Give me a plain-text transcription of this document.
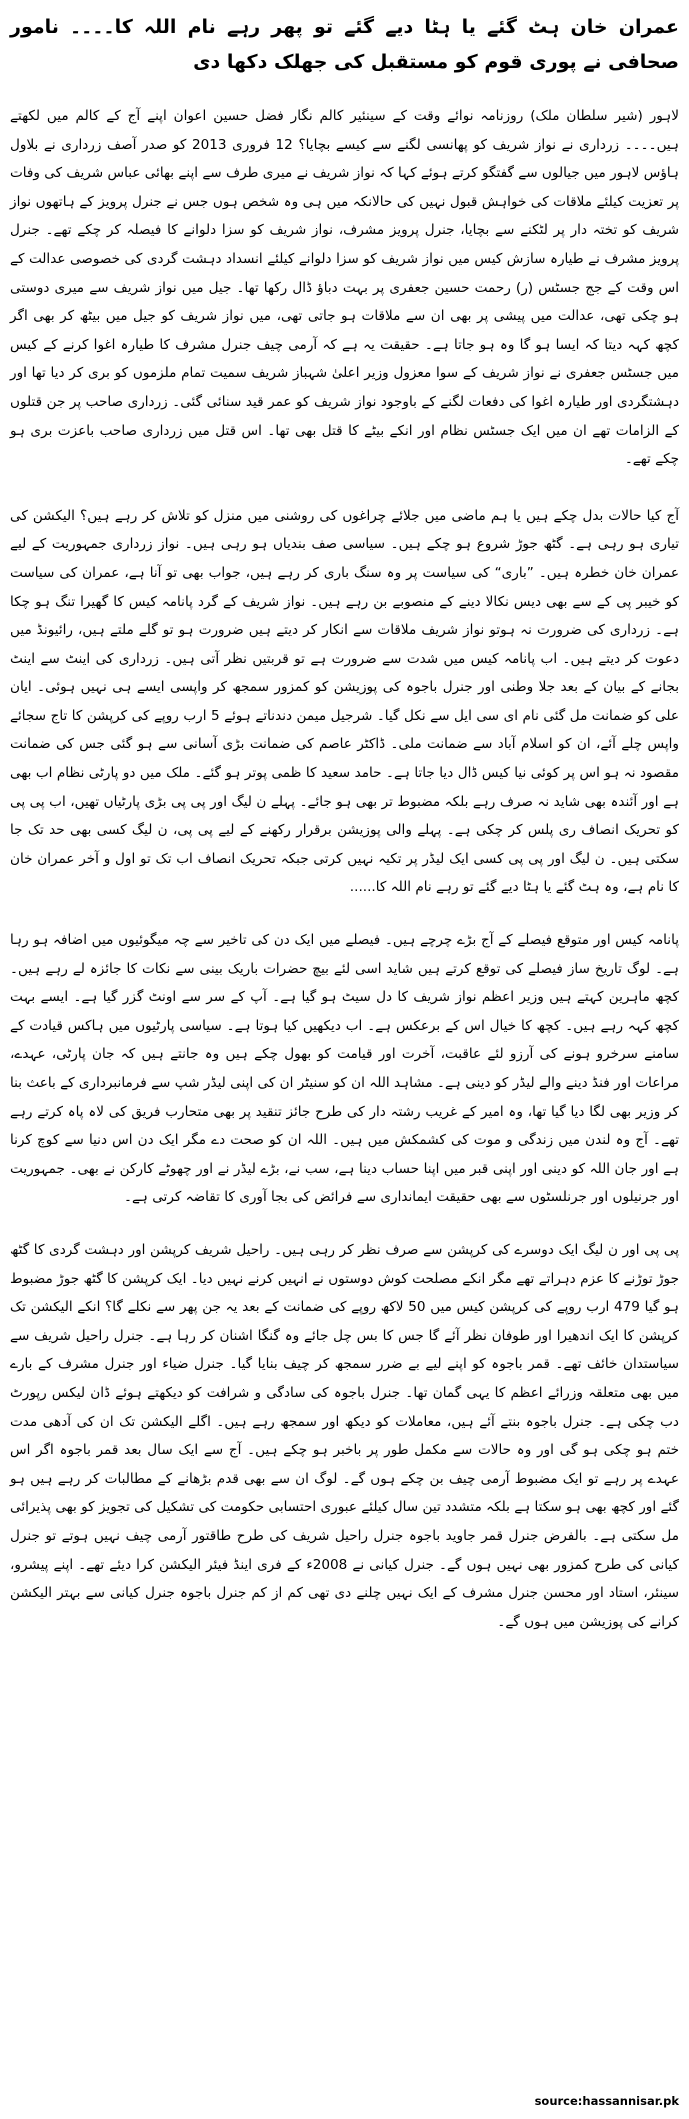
عمران خان ہٹ گئے یا ہٹا دیے گئے تو پھر رہے نام اللہ کا۔۔۔۔ نامور صحافی نے پوری قوم کو مستقبل کی جھلک دکھا دی

لاہور (شیر سلطان ملک) روزنامہ نوائے وقت کے سینئیر کالم نگار فضل حسین اعوان اپنے آج کے کالم میں لکھتے ہیں۔۔۔۔ زرداری نے نواز شریف کو پھانسی لگنے سے کیسے بچایا؟ 12 فروری 2013 کو صدر آصف زرداری نے بلاول ہاؤس لاہور میں جیالوں سے گفتگو کرتے ہوئے کہا کہ نواز شریف نے میری طرف سے اپنے بھائی عباس شریف کی وفات پر تعزیت کیلئے ملاقات کی خواہش قبول نہیں کی حالانکہ میں ہی وہ شخص ہوں جس نے جنرل پرویز کے ہاتھوں نواز شریف کو تختہ دار پر لٹکنے سے بچایا، جنرل پرویز مشرف، نواز شریف کو سزا دلوانے کا فیصلہ کر چکے تھے۔ جنرل پرویز مشرف نے طیارہ سازش کیس میں نواز شریف کو سزا دلوانے کیلئے انسداد دہشت گردی کی خصوصی عدالت کے اس وقت کے جج جسٹس (ر) رحمت حسین جعفری پر بہت دباؤ ڈال رکھا تھا۔ جیل میں نواز شریف سے میری دوستی ہو چکی تھی، عدالت میں پیشی پر بھی ان سے ملاقات ہو جاتی تھی، میں نواز شریف کو جیل میں بیٹھ کر بھی اگر کچھ کہہ دیتا کہ ایسا ہو گا وہ ہو جاتا ہے۔ حقیقت یہ ہے کہ آرمی چیف جنرل مشرف کا طیارہ اغوا کرنے کے کیس میں جسٹس جعفری نے نواز شریف کے سوا معزول وزیر اعلیٰ شہباز شریف سمیت تمام ملزموں کو بری کر دیا تھا اور دہشتگردی اور طیارہ اغوا کی دفعات لگنے کے باوجود نواز شریف کو عمر قید سنائی گئی۔ زرداری صاحب پر جن قتلوں کے الزامات تھے ان میں ایک جسٹس نظام اور انکے بیٹے کا قتل بھی تھا۔ اس قتل میں زرداری صاحب باعزت بری ہو چکے تھے۔

آج کیا حالات بدل چکے ہیں یا ہم ماضی میں جلائے چراغوں کی روشنی میں منزل کو تلاش کر رہے ہیں؟ الیکشن کی تیاری ہو رہی ہے۔ گٹھ جوڑ شروع ہو چکے ہیں۔ سیاسی صف بندیاں ہو رہی ہیں۔ نواز زرداری جمہوریت کے لیے عمران خان خطرہ ہیں۔ ”باری“ کی سیاست پر وہ سنگ باری کر رہے ہیں، جواب بھی تو آنا ہے، عمران کی سیاست کو خیبر پی کے سے بھی دیس نکالا دینے کے منصوبے بن رہے ہیں۔ نواز شریف کے گرد پانامہ کیس کا گھیرا تنگ ہو چکا ہے۔ زرداری کی ضرورت نہ ہوتو نواز شریف ملاقات سے انکار کر دیتے ہیں ضرورت ہو تو گلے ملتے ہیں، رائیونڈ میں دعوت کر دیتے ہیں۔ اب پانامہ کیس میں شدت سے ضرورت ہے تو قربتیں نظر آتی ہیں۔ زرداری کی اینٹ سے اینٹ بجانے کے بیان کے بعد جلا وطنی اور جنرل باجوہ کی پوزیشن کو کمزور سمجھ کر واپسی ایسے ہی نہیں ہوئی۔ ایان علی کو ضمانت مل گئی نام ای سی ایل سے نکل گیا۔ شرجیل میمن دندناتے ہوئے 5 ارب روپے کی کرپشن کا تاج سجائے واپس چلے آئے، ان کو اسلام آباد سے ضمانت ملی۔ ڈاکٹر عاصم کی ضمانت بڑی آسانی سے ہو گئی جس کی ضمانت مقصود نہ ہو اس پر کوئی نیا کیس ڈال دیا جاتا ہے۔ حامد سعید کا ظمی پوتر ہو گئے۔ ملک میں دو پارٹی نظام اب بھی ہے اور آئندہ بھی شاید نہ صرف رہے بلکہ مضبوط تر بھی ہو جائے۔ پہلے ن لیگ اور پی پی بڑی پارٹیاں تھیں، اب پی پی کو تحریک انصاف ری پلس کر چکی ہے۔ پہلے والی پوزیشن برقرار رکھنے کے لیے پی پی، ن لیگ کسی بھی حد تک جا سکتی ہیں۔ ن لیگ اور پی پی کسی ایک لیڈر پر تکیہ نہیں کرتی جبکہ تحریک انصاف اب تک تو اول و آخر عمران خان کا نام ہے، وہ ہٹ گئے یا ہٹا دیے گئے تو رہے نام اللہ کا......

پانامہ کیس اور متوقع فیصلے کے آج بڑے چرچے ہیں۔ فیصلے میں ایک دن کی تاخیر سے چہ میگوئیوں میں اضافہ ہو رہا ہے۔ لوگ تاریخ ساز فیصلے کی توقع کرتے ہیں شاید اسی لئے بیچ حضرات باریک بینی سے نکات کا جائزہ لے رہے ہیں۔ کچھ ماہرین کہتے ہیں وزیر اعظم نواز شریف کا دل سیٹ ہو گیا ہے۔ آپ کے سر سے اونٹ گزر گیا ہے۔ ایسے بہت کچھ کہہ رہے ہیں۔ کچھ کا خیال اس کے برعکس ہے۔ اب دیکھیں کیا ہوتا ہے۔ سیاسی پارٹیوں میں ہاکس قیادت کے سامنے سرخرو ہونے کی آرزو لئے عاقبت، آخرت اور قیامت کو بھول چکے ہیں وہ جانتے ہیں کہ جان پارٹی، عہدے، مراعات اور فنڈ دینے والے لیڈر کو دینی ہے۔ مشاہد اللہ ان کو سنیٹر ان کی اپنی لیڈر شپ سے فرمانبرداری کے باعث بنا کر وزیر بھی لگا دیا گیا تھا، وہ امیر کے غریب رشتہ دار کی طرح جائز تنقید پر بھی متحارب فریق کی لاہ پاہ کرتے رہے تھے۔ آج وہ لندن میں زندگی و موت کی کشمکش میں ہیں۔ اللہ ان کو صحت دے مگر ایک دن اس دنیا سے کوچ کرنا ہے اور جان اللہ کو دینی اور اپنی قبر میں اپنا حساب دینا ہے، سب نے، بڑے لیڈر نے اور چھوٹے کارکن نے بھی۔ جمہوریت اور جرنیلوں اور جرنلسٹوں سے بھی حقیقت ایمانداری سے فرائض کی بجا آوری کا تقاضہ کرتی ہے۔

پی پی اور ن لیگ ایک دوسرے کی کرپشن سے صرف نظر کر رہی ہیں۔ راحیل شریف کرپشن اور دہشت گردی کا گٹھ جوڑ توڑنے کا عزم دہراتے تھے مگر انکے مصلحت کوش دوستوں نے انہیں کرنے نہیں دیا۔ ایک کرپشن کا گٹھ جوڑ مضبوط ہو گیا 479 ارب روپے کی کرپشن کیس میں 50 لاکھ روپے کی ضمانت کے بعد یہ جن پھر سے نکلے گا؟ انکے الیکشن تک کرپشن کا ایک اندھیرا اور طوفان نظر آئے گا جس کا بس چل جائے وہ گنگا اشنان کر رہا ہے۔ جنرل راحیل شریف سے سیاستدان خائف تھے۔ قمر باجوہ کو اپنے لیے بے ضرر سمجھ کر چیف بنایا گیا۔ جنرل ضیاء اور جنرل مشرف کے بارے میں بھی متعلقہ وزرائے اعظم کا یہی گمان تھا۔ جنرل باجوہ کی سادگی و شرافت کو دیکھتے ہوئے ڈان لیکس رپورٹ دب چکی ہے۔ جنرل باجوہ بنتے آئے ہیں، معاملات کو دیکھ اور سمجھ رہے ہیں۔ اگلے الیکشن تک ان کی آدھی مدت ختم ہو چکی ہو گی اور وہ حالات سے مکمل طور پر باخبر ہو چکے ہیں۔ آج سے ایک سال بعد قمر باجوہ اگر اس عہدے پر رہے تو ایک مضبوط آرمی چیف بن چکے ہوں گے۔ لوگ ان سے بھی قدم بڑھانے کے مطالبات کر رہے ہیں ہو گئے اور کچھ بھی ہو سکتا ہے بلکہ متشدد تین سال کیلئے عبوری احتسابی حکومت کی تشکیل کی تجویز کو بھی پذیرائی مل سکتی ہے۔ بالفرض جنرل قمر جاوید باجوہ جنرل راحیل شریف کی طرح طاقتور آرمی چیف نہیں ہوتے تو جنرل کیانی کی طرح کمزور بھی نہیں ہوں گے۔ جنرل کیانی نے 2008ء کے فری اینڈ فیئر الیکشن کرا دیئے تھے۔ اپنے پیشرو، سینئر، استاد اور محسن جنرل مشرف کے ایک نہیں چلنے دی تھی کم از کم جنرل باجوہ جنرل کیانی سے بہتر الیکشن کرانے کی پوزیشن میں ہوں گے۔

source:hassannisar.pk
